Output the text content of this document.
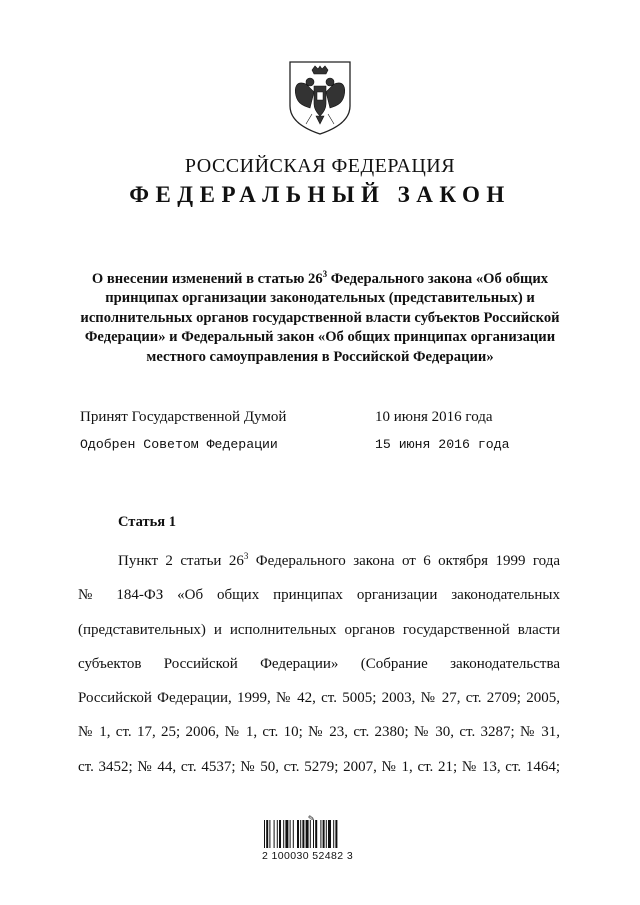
РОССИЙСКАЯ ФЕДЕРАЦИЯ
ФЕДЕРАЛЬНЫЙ ЗАКОН
О внесении изменений в статью $26^3$ Федерального закона «Об общих принципах организации законодательных (представительных) и исполнительных органов государственной власти субъектов Российской Федерации» и Федеральный закон «Об общих принципах организации местного самоуправления в Российской Федерации»
Принят Государственной Думой	10 июня 2016 года
Одобрен Советом Федерации	15 июня 2016 года
Статья 1
Пункт 2 статьи $26^3$ Федерального закона от 6 октября 1999 года
№ 184-ФЗ «Об общих принципах организации законодательных
(представительных) и исполнительных органов государственной власти
субъектов Российской Федерации» (Собрание законодательства
Российской Федерации, 1999, № 42, ст. 5005; 2003, № 27, ст. 2709; 2005,
№ 1, ст. 17, 25; 2006, № 1, ст. 10; № 23, ст. 2380; № 30, ст. 3287; № 31,
ст. 3452; № 44, ст. 4537; № 50, ст. 5279; 2007, № 1, ст. 21; № 13, ст. 1464;
✎
2 100030 52482 3
